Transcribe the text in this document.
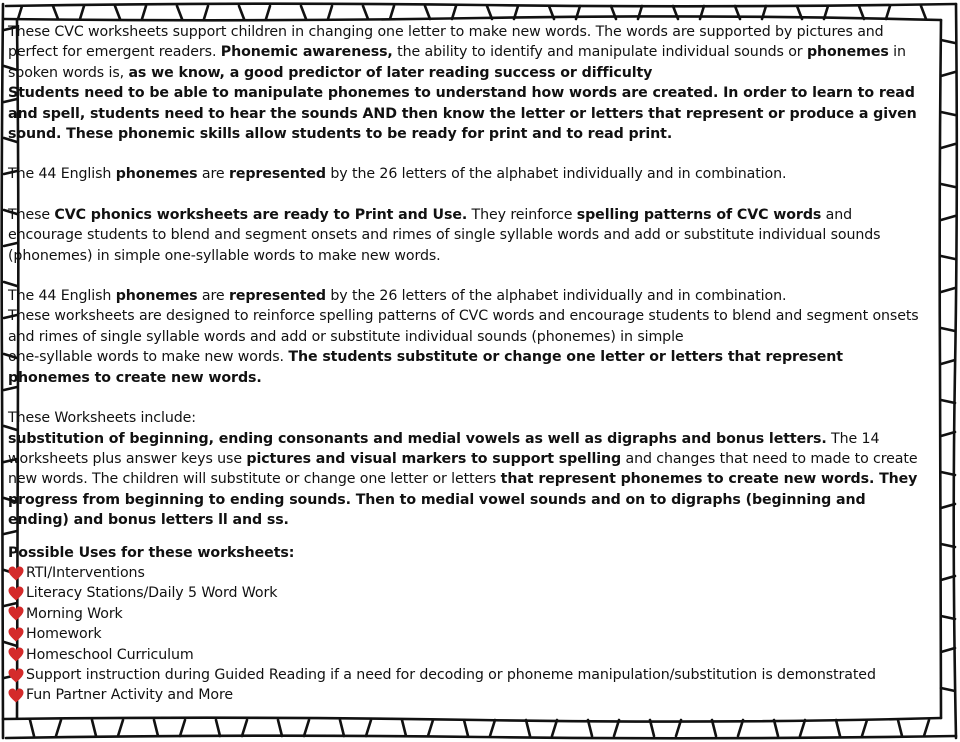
These CVC worksheets support children in changing one letter to make new words. The words are supported by pictures and perfect for emergent readers. Phonemic awareness, the ability to identify and manipulate individual sounds or phonemes in spoken words is, as we know, a good predictor of later reading success or difficulty

Students need to be able to manipulate phonemes to understand how words are created. In order to learn to read and spell, students need to hear the sounds AND then know the letter or letters that represent or produce a given sound. These phonemic skills allow students to be ready for print and to read print.

The 44 English phonemes are represented by the 26 letters of the alphabet individually and in combination.

These CVC phonics worksheets are ready to Print and Use. They reinforce spelling patterns of CVC words and encourage students to blend and segment onsets and rimes of single syllable words and add or substitute individual sounds (phonemes) in simple one-syllable words to make new words.

The 44 English phonemes are represented by the 26 letters of the alphabet individually and in combination.

These worksheets are designed to reinforce spelling patterns of CVC words and encourage students to blend and segment onsets and rimes of single syllable words and add or substitute individual sounds (phonemes) in simple
one-syllable words to make new words. The students substitute or change one letter or letters that represent phonemes to create new words.

These Worksheets include:

substitution of beginning, ending consonants and medial vowels as well as digraphs and bonus letters. The 14 worksheets plus answer keys use pictures and visual markers to support spelling and changes that need to made to create new words. The children will substitute or change one letter or letters that represent phonemes to create new words. They progress from beginning to ending sounds. Then to medial vowel sounds and on to digraphs (beginning and ending) and bonus letters ll and ss.

Possible Uses for these worksheets:

RTI/Interventions
Literacy Stations/Daily 5 Word Work
Morning Work
Homework
Homeschool Curriculum
Support instruction during Guided Reading if a need for decoding or phoneme manipulation/substitution is demonstrated
Fun Partner Activity and More
